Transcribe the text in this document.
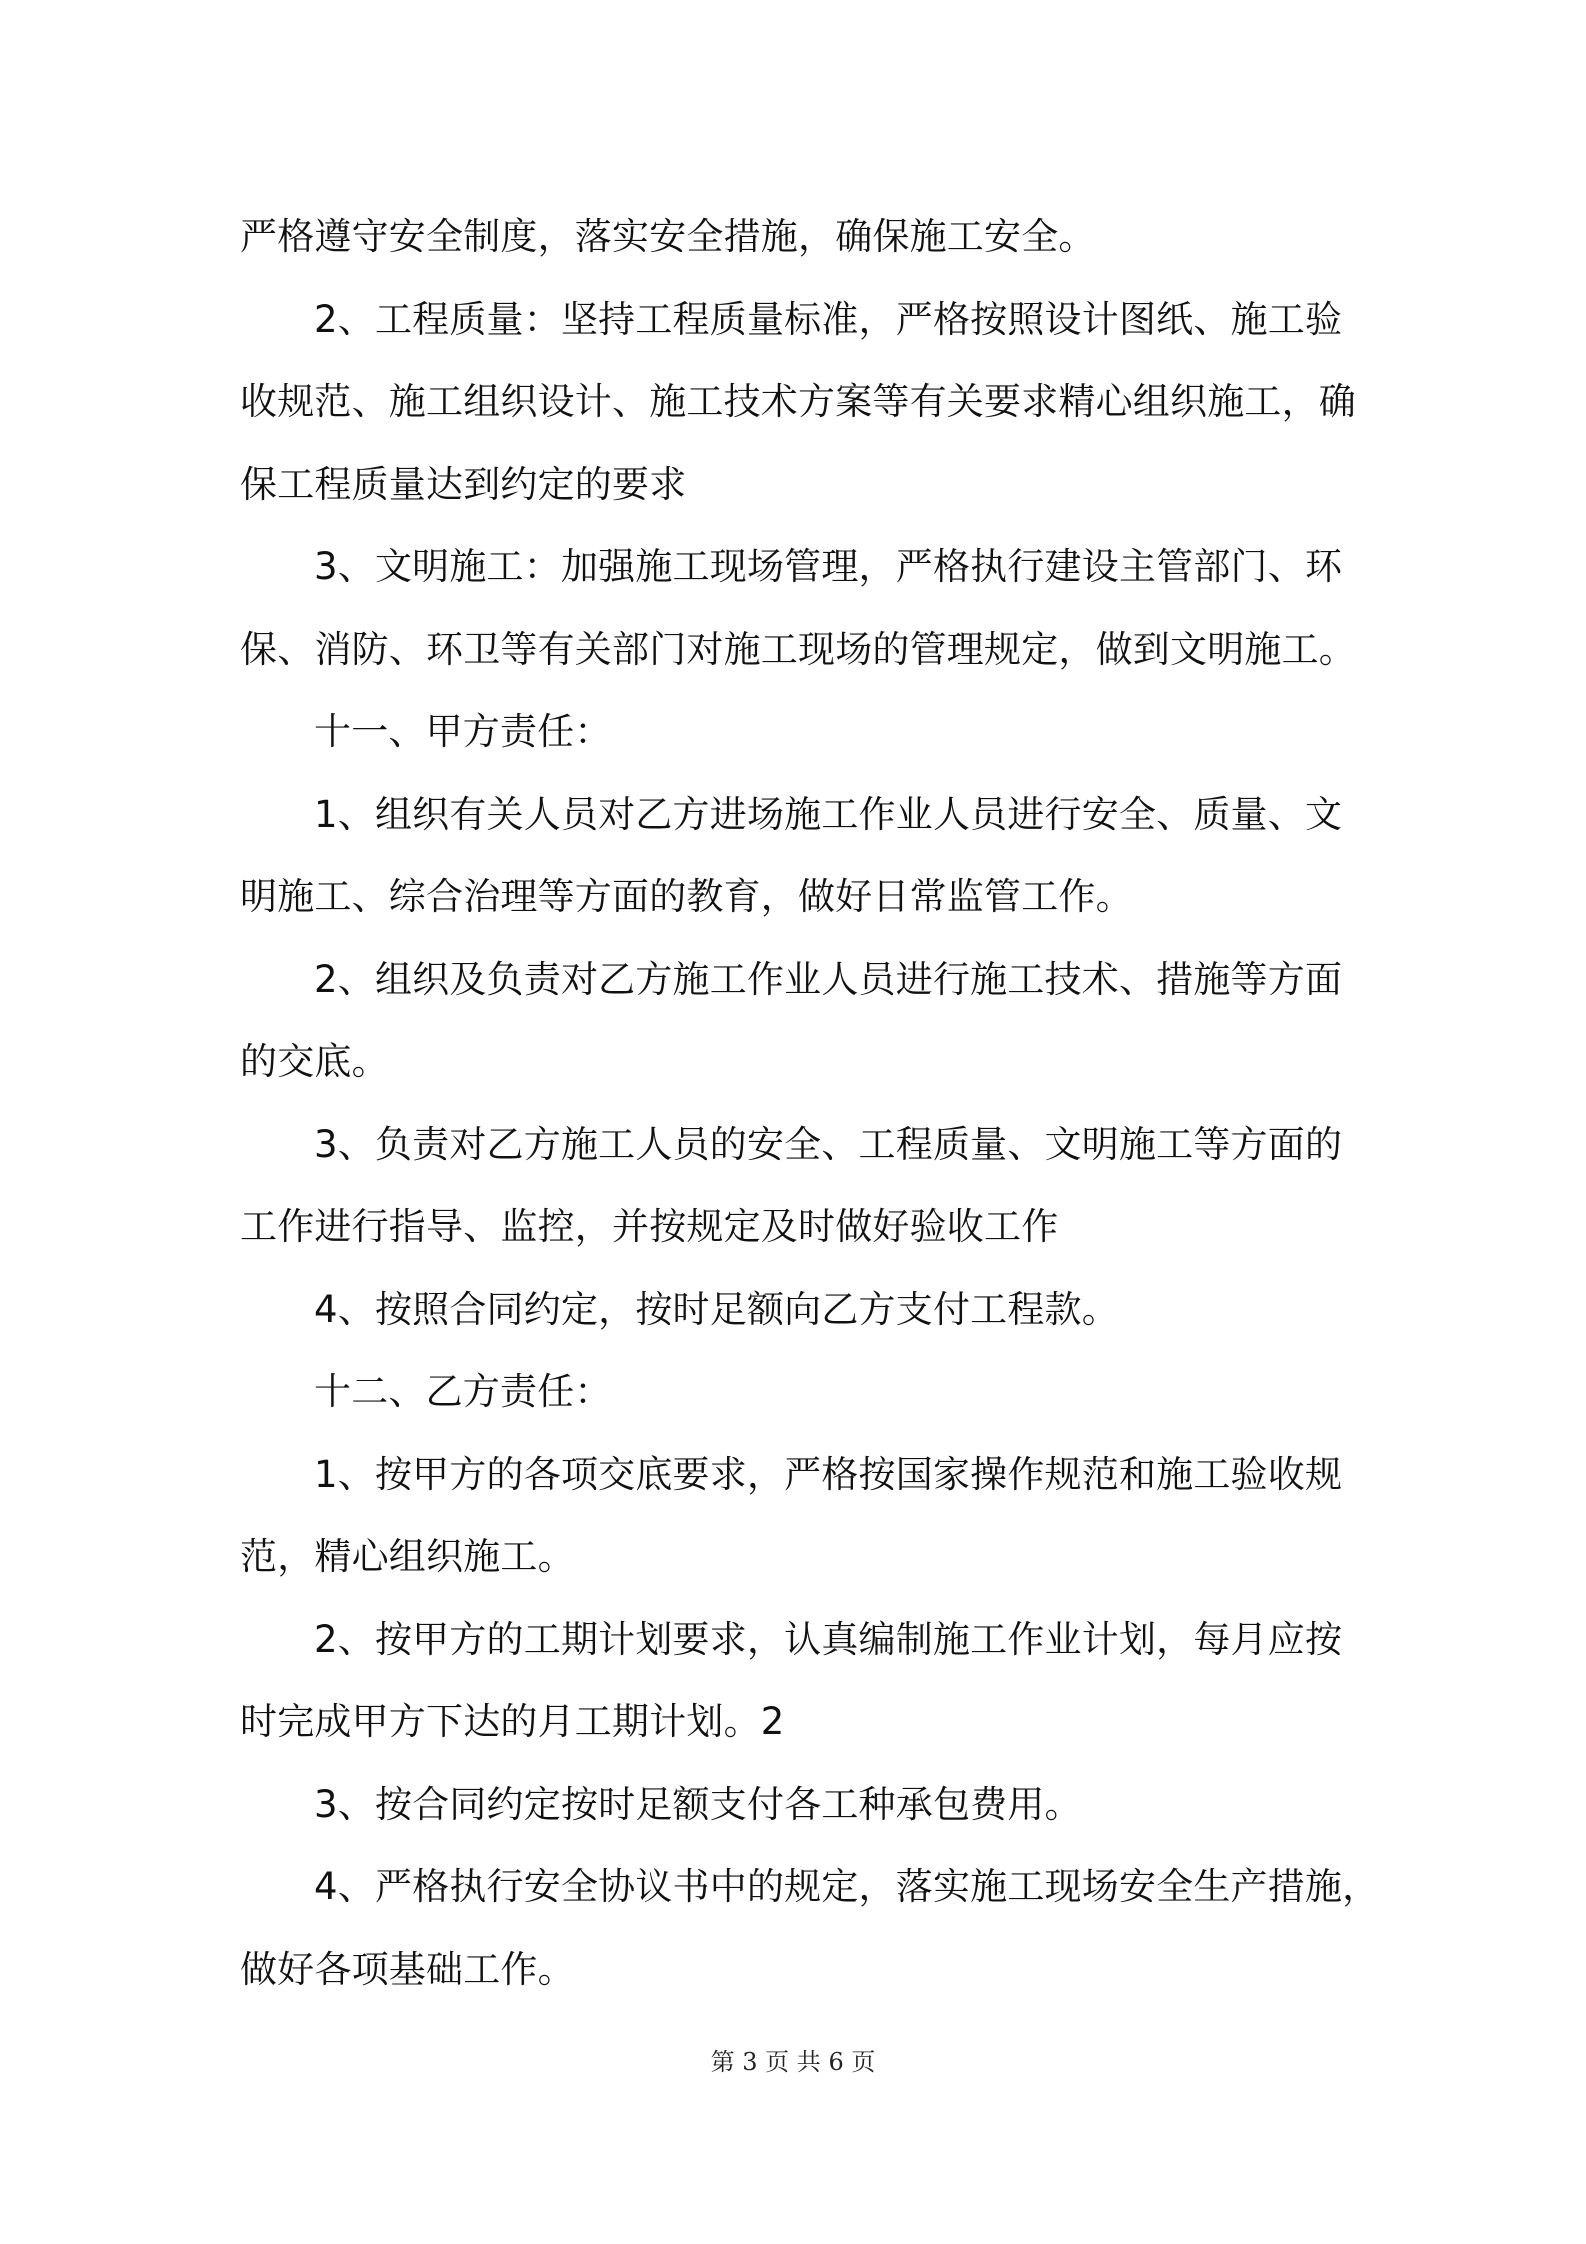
严格遵守安全制度，落实安全措施，确保施工安全。

2、工程质量：坚持工程质量标准，严格按照设计图纸、施工验

收规范、施工组织设计、施工技术方案等有关要求精心组织施工，确

保工程质量达到约定的要求

3、文明施工：加强施工现场管理，严格执行建设主管部门、环

保、消防、环卫等有关部门对施工现场的管理规定，做到文明施工。

十一、甲方责任：

1、组织有关人员对乙方进场施工作业人员进行安全、质量、文

明施工、综合治理等方面的教育，做好日常监管工作。

2、组织及负责对乙方施工作业人员进行施工技术、措施等方面

的交底。

3、负责对乙方施工人员的安全、工程质量、文明施工等方面的

工作进行指导、监控，并按规定及时做好验收工作

4、按照合同约定，按时足额向乙方支付工程款。

十二、乙方责任：

1、按甲方的各项交底要求，严格按国家操作规范和施工验收规

范，精心组织施工。

2、按甲方的工期计划要求，认真编制施工作业计划，每月应按

时完成甲方下达的月工期计划。2

3、按合同约定按时足额支付各工种承包费用。

4、严格执行安全协议书中的规定，落实施工现场安全生产措施，

做好各项基础工作。

第 3 页 共 6 页
